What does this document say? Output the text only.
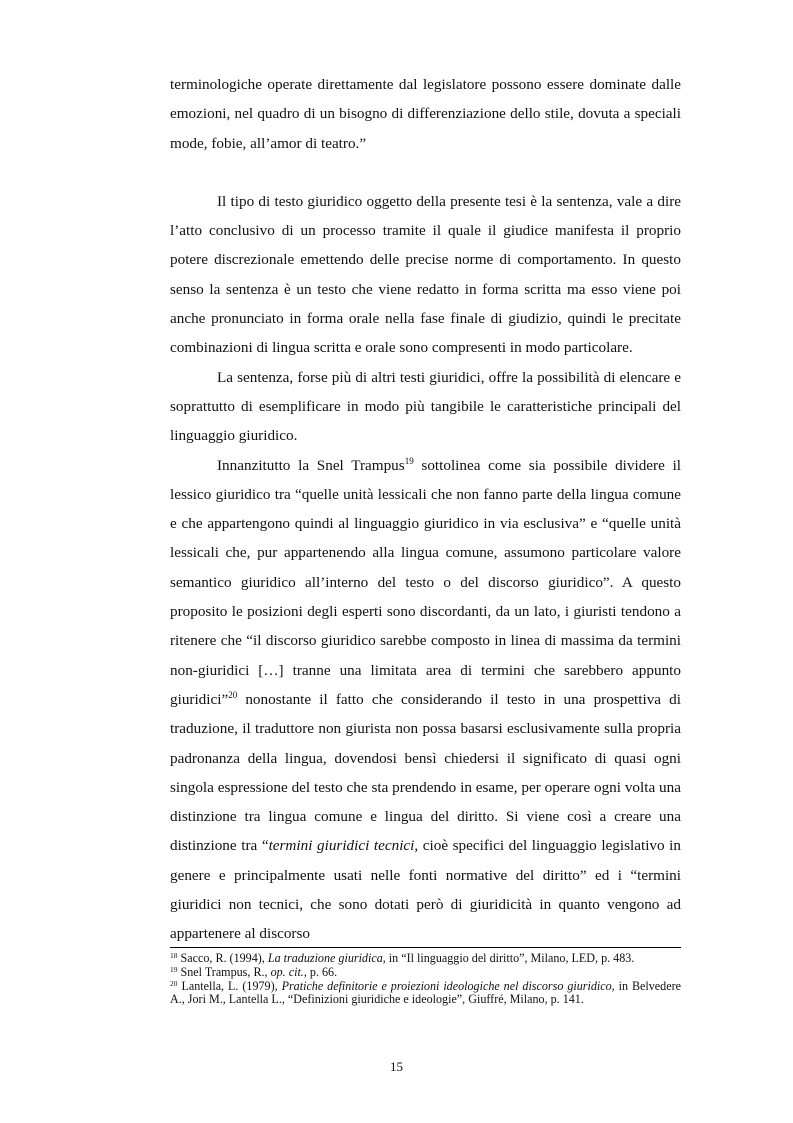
terminologiche operate direttamente dal legislatore possono essere dominate dalle emozioni, nel quadro di un bisogno di differenziazione dello stile, dovuta a speciali mode, fobie, all’amor di teatro.”

Il tipo di testo giuridico oggetto della presente tesi è la sentenza, vale a dire l’atto conclusivo di un processo tramite il quale il giudice manifesta il proprio potere discrezionale emettendo delle precise norme di comportamento. In questo senso la sentenza è un testo che viene redatto in forma scritta ma esso viene poi anche pronunciato in forma orale nella fase finale di giudizio, quindi le precitate combinazioni di lingua scritta e orale sono compresenti in modo particolare.

La sentenza, forse più di altri testi giuridici, offre la possibilità di elencare e soprattutto di esemplificare in modo più tangibile le caratteristiche principali del linguaggio giuridico.

Innanzitutto la Snel Trampus$^{19}$ sottolinea come sia possibile dividere il lessico giuridico tra “quelle unità lessicali che non fanno parte della lingua comune e che appartengono quindi al linguaggio giuridico in via esclusiva” e “quelle unità lessicali che, pur appartenendo alla lingua comune, assumono particolare valore semantico giuridico all’interno del testo o del discorso giuridico”. A questo proposito le posizioni degli esperti sono discordanti, da un lato, i giuristi tendono a ritenere che “il discorso giuridico sarebbe composto in linea di massima da termini non-giuridici […] tranne una limitata area di termini che sarebbero appunto giuridici”$^{20}$ nonostante il fatto che considerando il testo in una prospettiva di traduzione, il traduttore non giurista non possa basarsi esclusivamente sulla propria padronanza della lingua, dovendosi bensì chiedersi il significato di quasi ogni singola espressione del testo che sta prendendo in esame, per operare ogni volta una distinzione tra lingua comune e lingua del diritto. Si viene così a creare una distinzione tra “termini giuridici tecnici, cioè specifici del linguaggio legislativo in genere e principalmente usati nelle fonti normative del diritto” ed i “termini giuridici non tecnici, che sono dotati però di giuridicità in quanto vengono ad appartenere al discorso

$^{18}$ Sacco, R. (1994), La traduzione giuridica, in “Il linguaggio del diritto”, Milano, LED, p. 483.

$^{19}$ Snel Trampus, R., op. cit., p. 66.

$^{20}$ Lantella, L. (1979), Pratiche definitorie e proiezioni ideologiche nel discorso giuridico, in Belvedere A., Jori M., Lantella L., “Definizioni giuridiche e ideologie”, Giuffré, Milano, p. 141.

15
